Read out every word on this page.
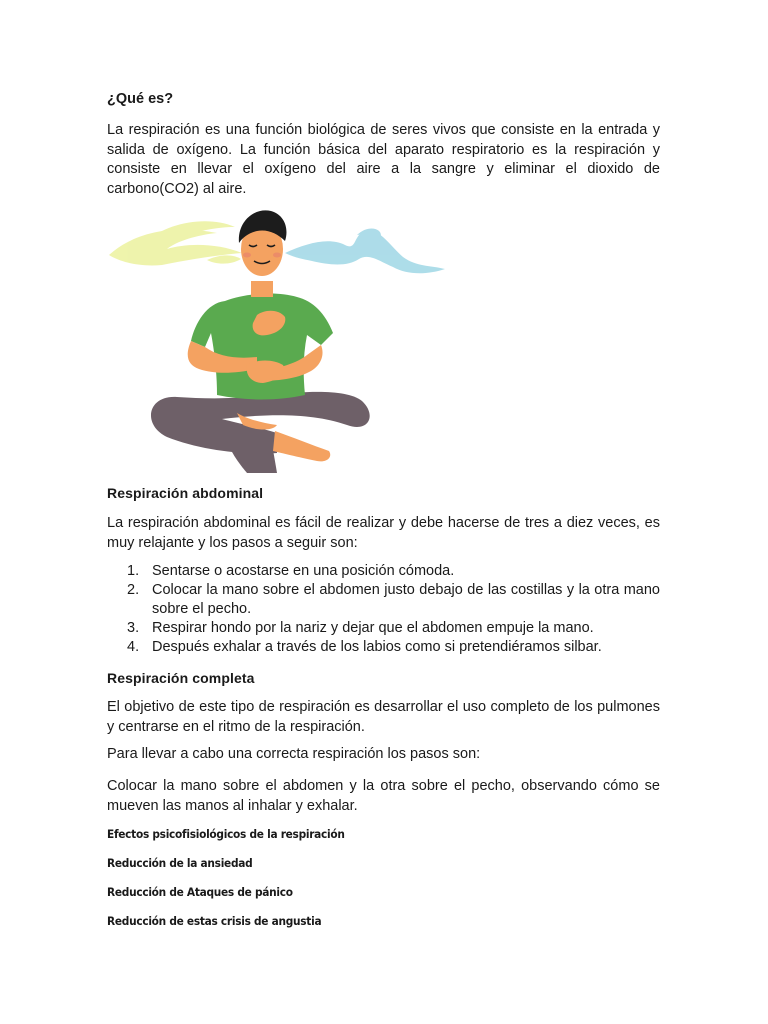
¿Qué es?

La respiración es una función biológica de seres vivos que consiste en la entrada y salida de oxígeno. La función básica del aparato respiratorio es la respiración y consiste en llevar el oxígeno del aire a la sangre y eliminar el dioxido de carbono(CO2) al aire.

Respiración abdominal

La respiración abdominal es fácil de realizar y debe hacerse de tres a diez veces, es muy relajante y los pasos a seguir son:

1. Sentarse o acostarse en una posición cómoda.
2. Colocar la mano sobre el abdomen justo debajo de las costillas y la otra mano sobre el pecho.
3. Respirar hondo por la nariz y dejar que el abdomen empuje la mano.
4. Después exhalar a través de los labios como si pretendiéramos silbar.
Respiración completa

El objetivo de este tipo de respiración es desarrollar el uso completo de los pulmones y centrarse en el ritmo de la respiración.

Para llevar a cabo una correcta respiración los pasos son:

Colocar la mano sobre el abdomen y la otra sobre el pecho, observando cómo se mueven las manos al inhalar y exhalar.

Efectos psicofisiológicos de la respiración

Reducción de la ansiedad

Reducción de Ataques de pánico

Reducción de estas crisis de angustia
